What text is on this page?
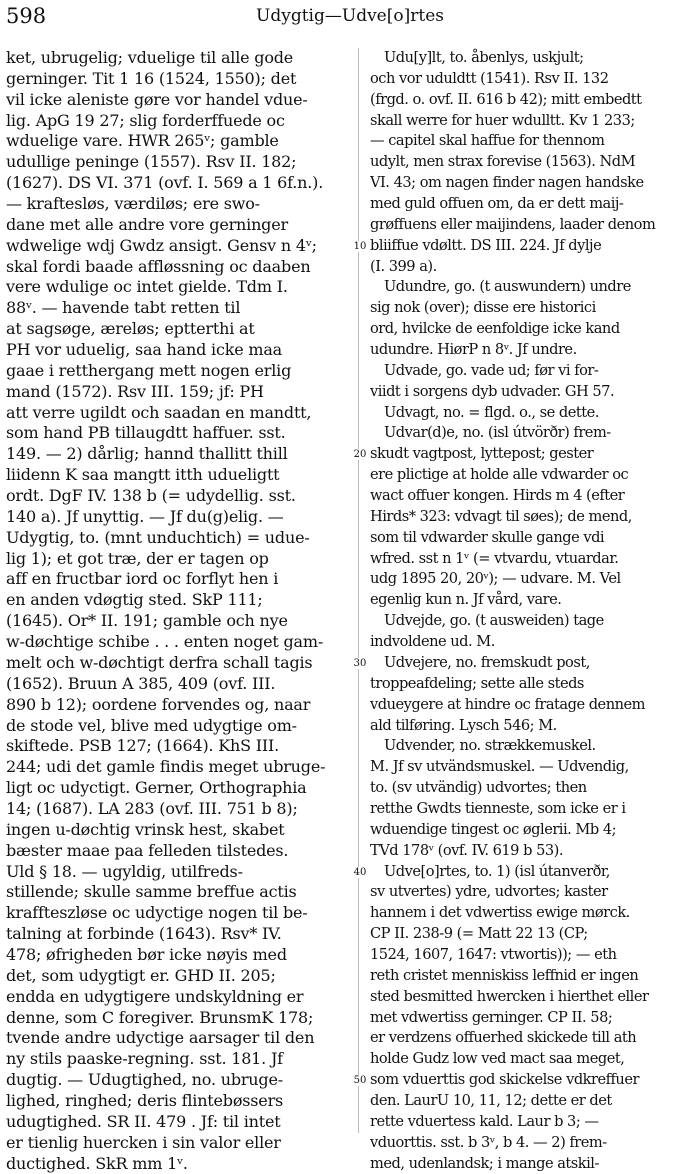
598	Udygtig—Udve[o]rtes
ket, ubrugelig; vduelige til alle gode
gerninger. Tit 1 16 (1524, 1550); det
vil icke aleniste gøre vor handel vdue-
lig. ApG 19 27; slig forderffuede oc
wduelige vare. HWR 265ᵛ; gamble
udullige peninge (1557). Rsv II. 182;
(1627). DS VI. 371 (ovf. I. 569 a 1 6f.n.).
— kraftesløs, værdiløs; ere swo-
dane met alle andre vore gerninger
wdwelige wdj Gwdz ansigt. Gensv n 4ᵛ;
skal fordi baade affløssning oc daaben
vere wdulige oc intet gielde. Tdm I.
88ᵛ. — havende tabt retten til
at sagsøge, æreløs; eptterthi at
PH vor uduelig, saa hand icke maa
gaae i retthergang mett nogen erlig
mand (1572). Rsv III. 159; jf: PH
att verre ugildt och saadan en mandtt,
som hand PB tillaugdtt haffuer. sst.
149. — 2) dårlig; hannd thallitt thill
liidenn K saa mangtt itth udueligtt
ordt. DgF IV. 138 b (= udydellig. sst.
140 a). Jf unyttig. — Jf du(g)elig. —
Udygtig, to. (mnt unduchtich) = udue-
lig 1); et got træ, der er tagen op
aff en fructbar iord oc forflyt hen i
en anden vdøgtig sted. SkP 111;
(1645). Or* II. 191; gamble och nye
w-døchtige schibe . . . enten noget gam-
melt och w-døchtigt derfra schall tagis
(1652). Bruun A 385, 409 (ovf. III.
890 b 12); oordene forvendes og, naar
de stode vel, blive med udygtige om-
skiftede. PSB 127; (1664). KhS III.
244; udi det gamle findis meget ubruge-
ligt oc udyctigt. Gerner, Orthographia
14; (1687). LA 283 (ovf. III. 751 b 8);
ingen u-døchtig vrinsk hest, skabet
bæster maae paa felleden tilstedes.
Uld § 18. — ugyldig, utilfreds-
stillende; skulle samme breffue actis
kraffteszløse oc udyctige nogen til be-
talning at forbinde (1643). Rsv* IV.
478; øfrigheden bør icke nøyis med
det, som udygtigt er. GHD II. 205;
endda en udygtigere undskyldning er
denne, som C foregiver. BrunsmK 178;
tvende andre udyctige aarsager til den
ny stils paaske-regning. sst. 181. Jf
dugtig. — Udugtighed, no. ubruge-
lighed, ringhed; deris flintebøssers
udugtighed. SR II. 479 . Jf: til intet
er tienlig huercken i sin valor eller
ductighed. SkR mm 1ᵛ.
Udu[y]lt, to. åbenlys, uskjult;
och vor uduldtt (1541). Rsv II. 132
(frgd. o. ovf. II. 616 b 42); mitt embedtt
skall werre for huer wdulltt. Kv 1 233;
— capitel skal haffue for thennom
udylt, men strax forevise (1563). NdM
VI. 43; om nagen finder nagen handske
med guld offuen om, da er dett maij-
grøffuens eller maijindens, laader denom
bliiffue vdøltt. DS III. 224. Jf dylje
(I. 399 a).
Udundre, go. (t auswundern) undre
sig nok (over); disse ere historici
ord, hvilcke de eenfoldige icke kand
udundre. HiørP n 8ᵛ. Jf undre.
Udvade, go. vade ud; før vi for-
viidt i sorgens dyb udvader. GH 57.
Udvagt, no. = flgd. o., se dette.
Udvar(d)e, no. (isl útvörðr) frem-
skudt vagtpost, lyttepost; gester
ere plictige at holde alle vdwarder oc
wact offuer kongen. Hirds m 4 (efter
Hirds* 323: vdvagt til søes); de mend,
som til vdwarder skulle gange vdi
wfred. sst n 1ᵛ (= vtvardu, vtuardar.
udg 1895 20, 20ᵛ); — udvare. M. Vel
egenlig kun n. Jf vård, vare.
Udvejde, go. (t ausweiden) tage
indvoldene ud. M.
Udvejere, no. fremskudt post,
troppeafdeling; sette alle steds
vdueygere at hindre oc fratage dennem
ald tilføring. Lysch 546; M.
Udvender, no. strækkemuskel.
M. Jf sv utvändsmuskel. — Udvendig,
to. (sv utvändig) udvortes; then
retthe Gwdts tienneste, som icke er i
wduendige tingest oc øglerii. Mb 4;
TVd 178ᵛ (ovf. IV. 619 b 53).
Udve[o]rtes, to. 1) (isl útanverðr,
sv utvertes) ydre, udvortes; kaster
hannem i det vdwertiss ewige mørck.
CP II. 238-9 (= Matt 22 13 (CP;
1524, 1607, 1647: vtwortis)); — eth
reth cristet menniskiss leffnid er ingen
sted besmitted hwercken i hierthet eller
met vdwertiss gerninger. CP II. 58;
er verdzens offuerhed skickede till ath
holde Gudz low ved mact saa meget,
som vduerttis god skickelse vdkreffuer
den. LaurU 10, 11, 12; dette er det
rette vduertess kald. Laur b 3; —
vduorttis. sst. b 3ᵛ, b 4. — 2) frem-
med, udenlandsk; i mange atskil-
10
20
30
40
50
